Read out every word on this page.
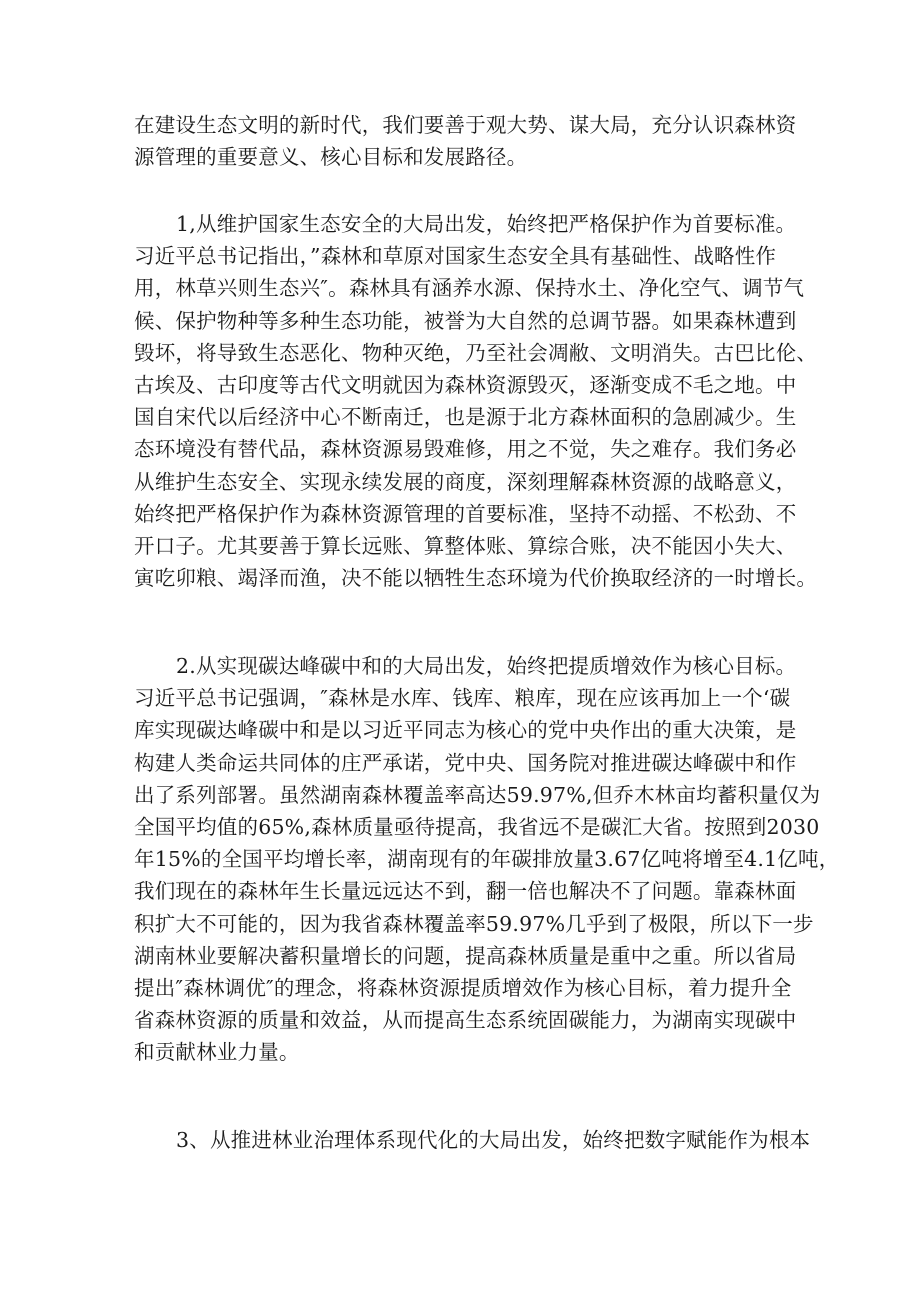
在建设生态文明的新时代，我们要善于观大势、谋大局，充分认识森林资
源管理的重要意义、核心目标和发展路径。
1,从维护国家生态安全的大局出发，始终把严格保护作为首要标准。
习近平总书记指出，”森林和草原对国家生态安全具有基础性、战略性作
用，林草兴则生态兴″。森林具有涵养水源、保持水土、净化空气、调节气
候、保护物种等多种生态功能，被誉为大自然的总调节器。如果森林遭到
毁坏，将导致生态恶化、物种灭绝，乃至社会凋敝、文明消失。古巴比伦、
古埃及、古印度等古代文明就因为森林资源毁灭，逐渐变成不毛之地。中
国自宋代以后经济中心不断南迁，也是源于北方森林面积的急剧减少。生
态环境没有替代品，森林资源易毁难修，用之不觉，失之难存。我们务必
从维护生态安全、实现永续发展的商度，深刻理解森林资源的战略意义，
始终把严格保护作为森林资源管理的首要标准，坚持不动摇、不松劲、不
开口子。尤其要善于算长远账、算整体账、算综合账，决不能因小失大、
寅吃卯粮、竭泽而渔，决不能以牺牲生态环境为代价换取经济的一时增长。
2.从实现碳达峰碳中和的大局出发，始终把提质增效作为核心目标。
习近平总书记强调，″森林是水库、钱库、粮库，现在应该再加上一个‘碳
库实现碳达峰碳中和是以习近平同志为核心的党中央作出的重大决策，是
构建人类命运共同体的庄严承诺，党中央、国务院对推进碳达峰碳中和作
出了系列部署。虽然湖南森林覆盖率高达59.97%,但乔木林亩均蓄积量仅为
全国平均值的65%,森林质量亟待提高，我省远不是碳汇大省。按照到2030
年15%的全国平均增长率，湖南现有的年碳排放量3.67亿吨将增至4.1亿吨，
我们现在的森林年生长量远远达不到，翻一倍也解决不了问题。靠森林面
积扩大不可能的，因为我省森林覆盖率59.97%几乎到了极限，所以下一步
湖南林业要解决蓄积量增长的问题，提高森林质量是重中之重。所以省局
提出″森林调优″的理念，将森林资源提质增效作为核心目标，着力提升全
省森林资源的质量和效益，从而提高生态系统固碳能力，为湖南实现碳中
和贡献林业力量。
3、从推进林业治理体系现代化的大局出发，始终把数字赋能作为根本
